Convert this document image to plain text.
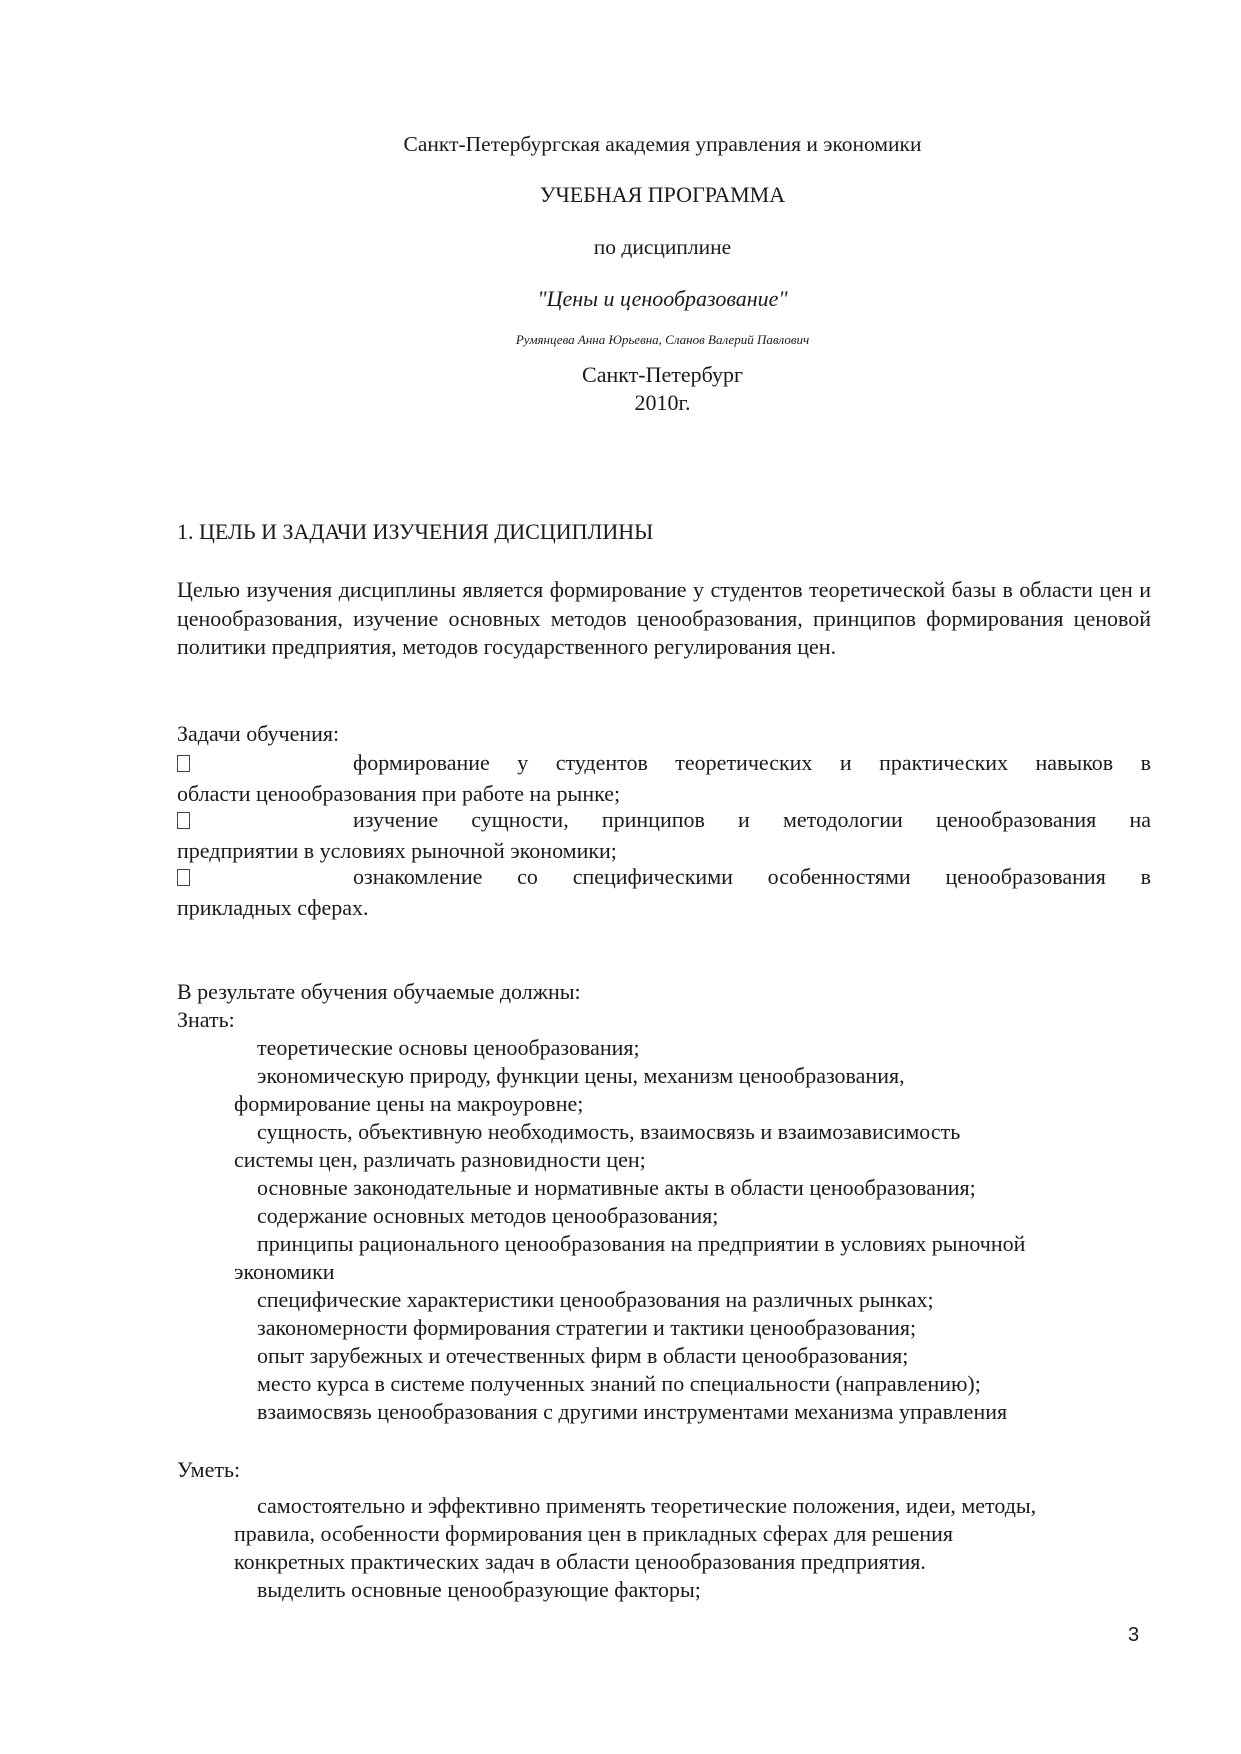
Санкт-Петербургская академия управления и экономики
УЧЕБНАЯ ПРОГРАММА
по дисциплине
"Цены и ценообразование"
Румянцева Анна Юрьевна, Сланов Валерий Павлович
Санкт-Петербург
2010г.
1. ЦЕЛЬ И ЗАДАЧИ ИЗУЧЕНИЯ ДИСЦИПЛИНЫ
Целью изучения дисциплины является формирование у студентов теоретической базы в области цен и ценообразования, изучение основных методов ценообразования, принципов формирования ценовой политики предприятия, методов государственного регулирования цен.
Задачи обучения:
формирование у студентов теоретических и практических навыков в
области ценообразования при работе на рынке;
изучение сущности, принципов и методологии ценообразования на
предприятии в условиях рыночной экономики;
ознакомление со специфическими особенностями ценообразования в
прикладных сферах.
В результате обучения обучаемые должны:
Знать:
теоретические основы ценообразования;
экономическую природу, функции цены, механизм ценообразования,
формирование цены на макроуровне;
сущность, объективную необходимость, взаимосвязь и взаимозависимость
системы цен, различать разновидности цен;
основные законодательные и нормативные акты в области ценообразования;
содержание основных методов ценообразования;
принципы рационального ценообразования на предприятии в условиях рыночной
экономики
специфические характеристики ценообразования на различных рынках;
закономерности формирования стратегии и тактики ценообразования;
опыт зарубежных и отечественных фирм в области ценообразования;
место курса в системе полученных знаний по специальности (направлению);
взаимосвязь ценообразования с другими инструментами механизма управления
Уметь:
самостоятельно и эффективно применять теоретические положения, идеи, методы,
правила, особенности формирования цен в прикладных сферах для решения
конкретных практических задач в области ценообразования предприятия.
выделить основные ценообразующие факторы;
3
